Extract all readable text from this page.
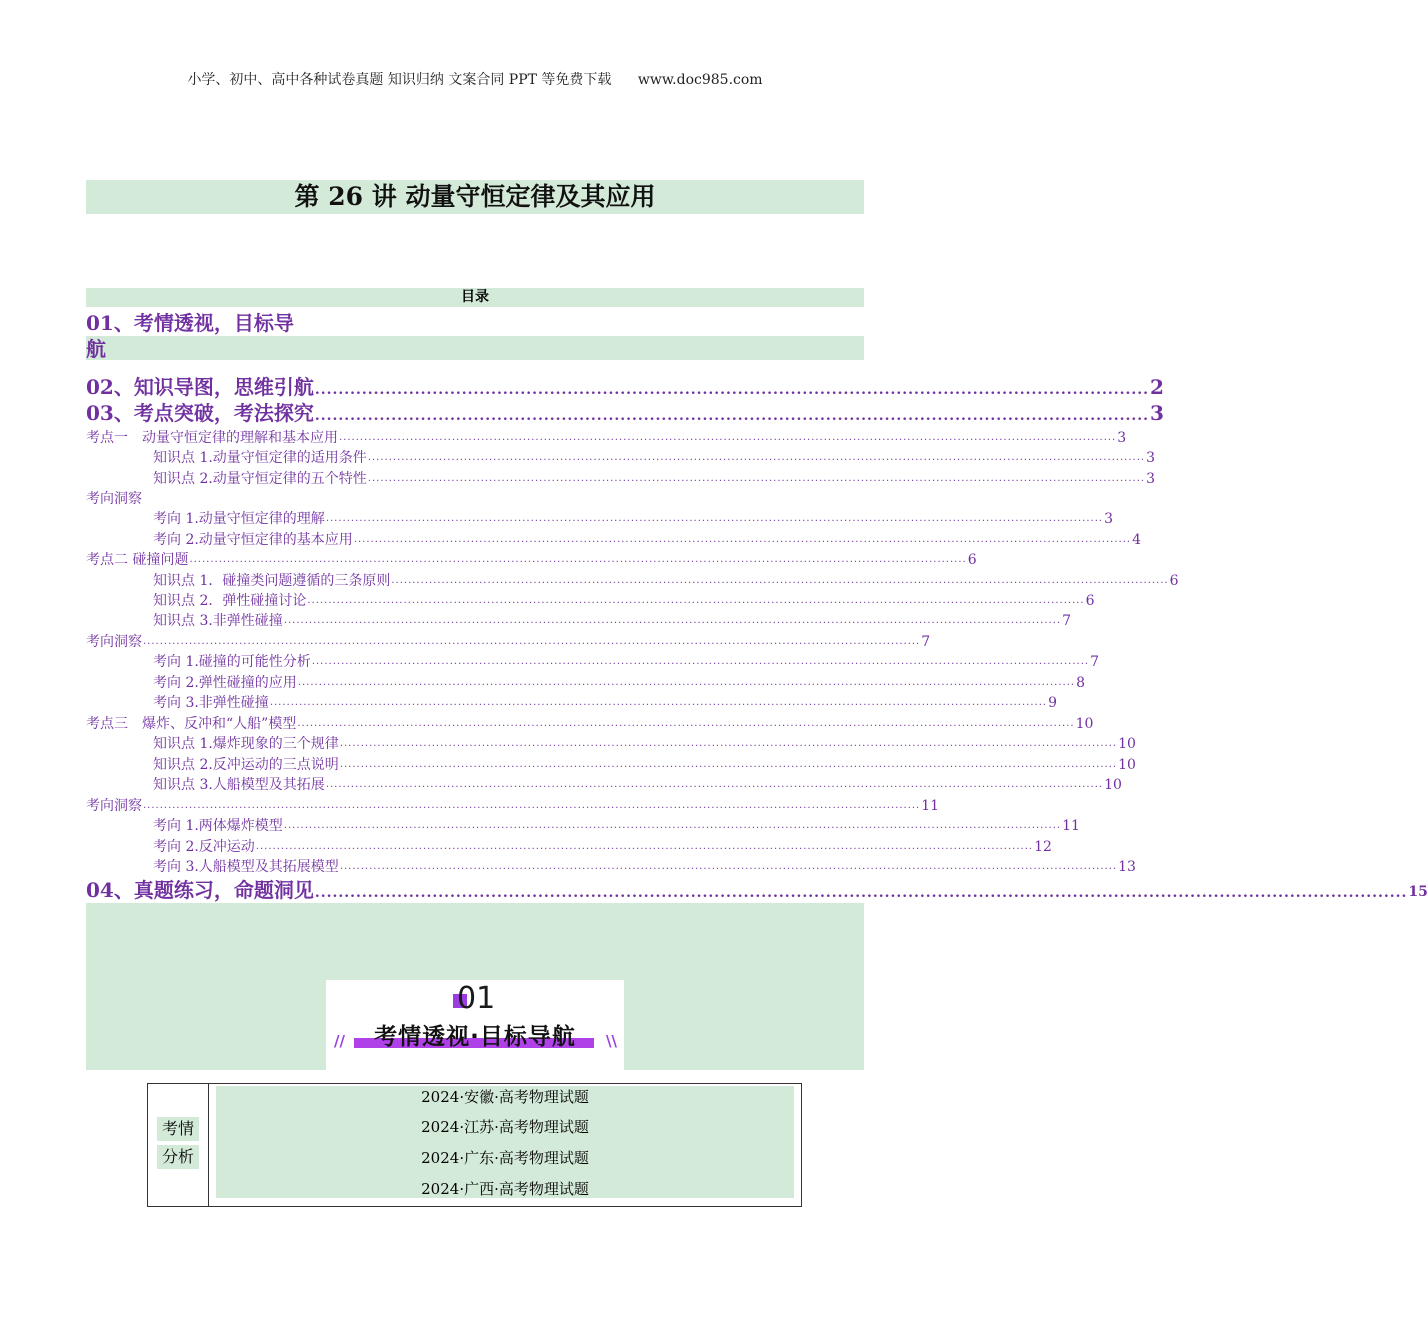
小学、初中、高中各种试卷真题 知识归纳 文案合同 PPT 等免费下载 www.doc985.com
第 26 讲 动量守恒定律及其应用
目录
01、考情透视，目标导
航
02、知识导图，思维引航 .............................................................................................................................................. 2
03、考点突破，考法探究 .............................................................................................................................................. 3
考点一 动量守恒定律的理解和基本应用 .......................................................................................................................................................................................... 3
知识点 1.动量守恒定律的适用条件 .......................................................................................................................................................................................... 3
知识点 2.动量守恒定律的五个特性 .......................................................................................................................................................................................... 3
考向洞察
考向 1.动量守恒定律的理解 .......................................................................................................................................................................................... 3
考向 2.动量守恒定律的基本应用 .......................................................................................................................................................................................... 4
考点二 碰撞问题 .......................................................................................................................................................................................... 6
知识点 1．碰撞类问题遵循的三条原则 .......................................................................................................................................................................................... 6
知识点 2．弹性碰撞讨论 .......................................................................................................................................................................................... 6
知识点 3.非弹性碰撞 .......................................................................................................................................................................................... 7
考向洞察 .......................................................................................................................................................................................... 7
考向 1.碰撞的可能性分析 .......................................................................................................................................................................................... 7
考向 2.弹性碰撞的应用 .......................................................................................................................................................................................... 8
考向 3.非弹性碰撞 .......................................................................................................................................................................................... 9
考点三 爆炸、反冲和“人船”模型 .......................................................................................................................................................................................... 10
知识点 1.爆炸现象的三个规律 .......................................................................................................................................................................................... 10
知识点 2.反冲运动的三点说明 .......................................................................................................................................................................................... 10
知识点 3.人船模型及其拓展 .......................................................................................................................................................................................... 10
考向洞察 .......................................................................................................................................................................................... 11
考向 1.两体爆炸模型 .......................................................................................................................................................................................... 11
考向 2.反冲运动 .......................................................................................................................................................................................... 12
考向 3.人船模型及其拓展模型 .......................................................................................................................................................................................... 13
04、真题练习，命题洞见 .......................................................................................................................................................................................... 15
01
考情透视·目标导航
//	\\
考情
分析
2024·安徽·高考物理试题
2024·江苏·高考物理试题
2024·广东·高考物理试题
2024·广西·高考物理试题
